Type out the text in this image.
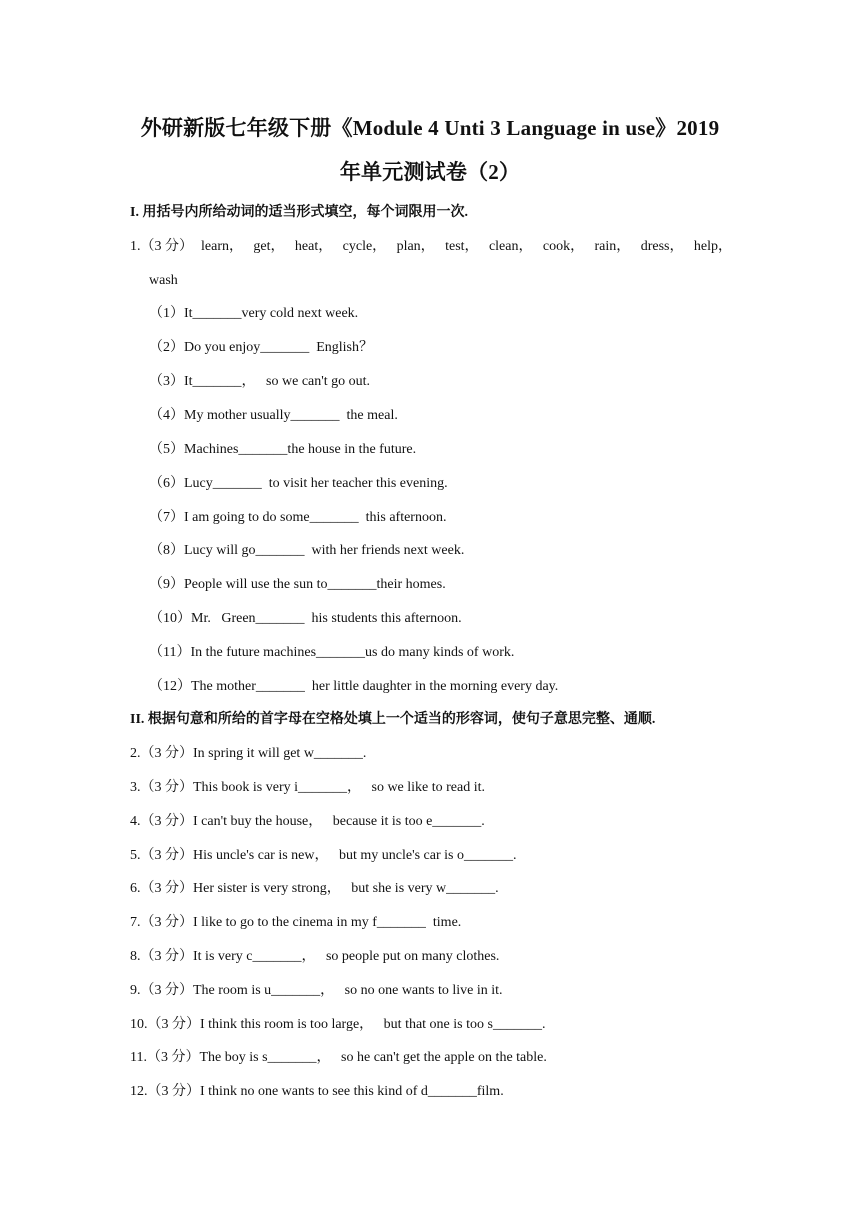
外研新版七年级下册《Module 4 Unti 3 Language in use》2019
年单元测试卷（2）
I. 用括号内所给动词的适当形式填空，每个词限用一次.
1.（3 分） learn， get， heat， cycle， plan， test， clean， cook， rain， dress， help，
wash
（1）It_______very cold next week.
（2）Do you enjoy_______  English？
（3）It_______，   so we can't go out.
（4）My mother usually_______  the meal.
（5）Machines_______the house in the future.
（6）Lucy_______  to visit her teacher this evening.
（7）I am going to do some_______  this afternoon.
（8）Lucy will go_______  with her friends next week.
（9）People will use the sun to_______their homes.
（10）Mr.   Green_______  his students this afternoon.
（11）In the future machines_______us do many kinds of work.
（12）The mother_______  her little daughter in the morning every day.
II. 根据句意和所给的首字母在空格处填上一个适当的形容词，使句子意思完整、通顺.
2.（3 分）In spring it will get w_______.
3.（3 分）This book is very i_______，   so we like to read it.
4.（3 分）I can't buy the house，   because it is too e_______.
5.（3 分）His uncle's car is new，   but my uncle's car is o_______.
6.（3 分）Her sister is very strong，   but she is very w_______.
7.（3 分）I like to go to the cinema in my f_______  time.
8.（3 分）It is very c_______，   so people put on many clothes.
9.（3 分）The room is u_______，   so no one wants to live in it.
10.（3 分）I think this room is too large，   but that one is too s_______.
11.（3 分）The boy is s_______，   so he can't get the apple on the table.
12.（3 分）I think no one wants to see this kind of d_______film.
